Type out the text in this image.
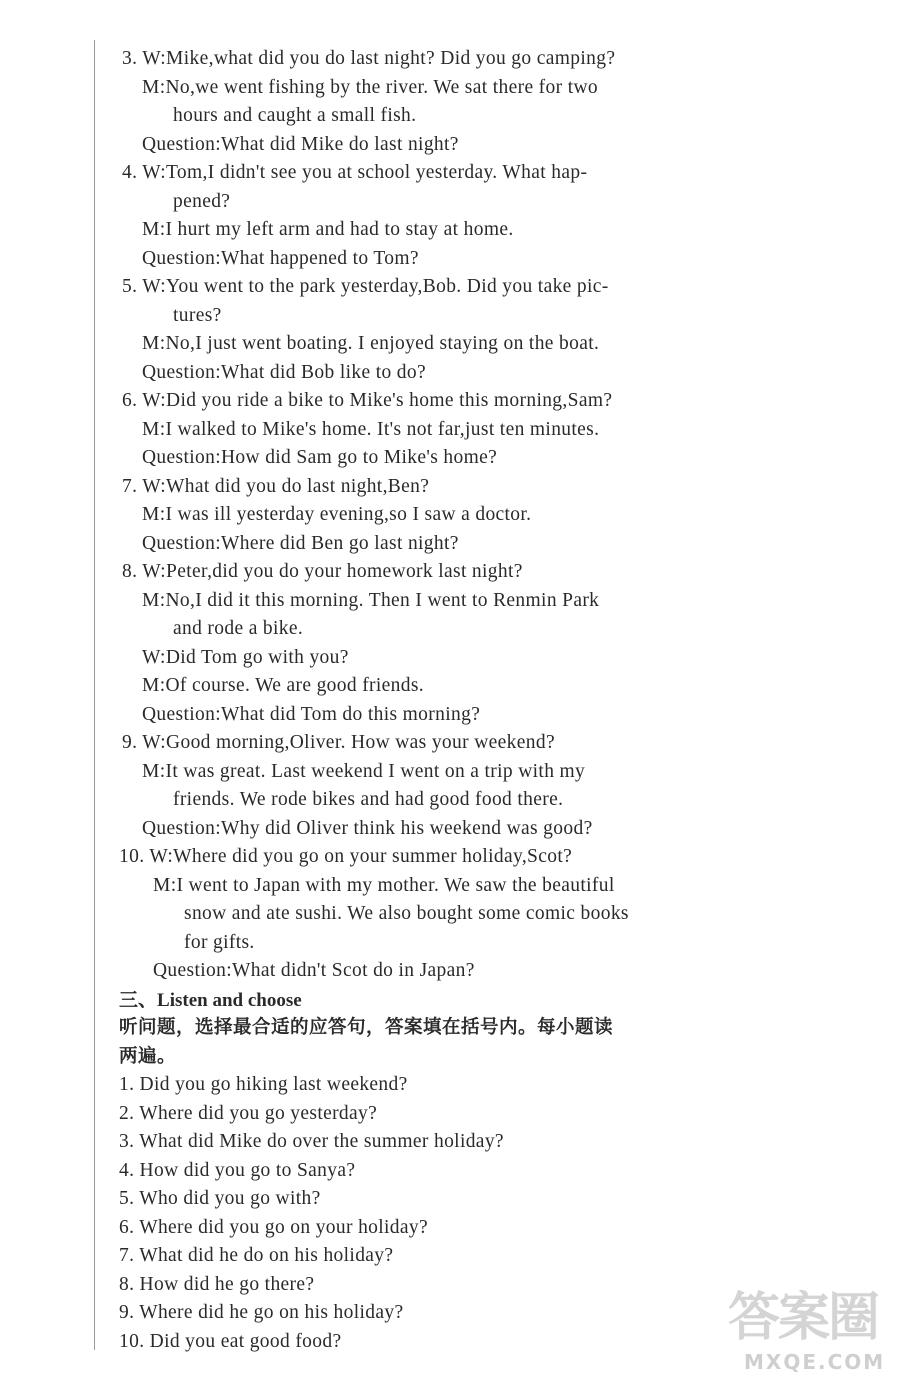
3. W:Mike,what did you do last night? Did you go camping?
M:No,we went fishing by the river. We sat there for two
hours and caught a small fish.
Question:What did Mike do last night?
4. W:Tom,I didn't see you at school yesterday. What hap-
pened?
M:I hurt my left arm and had to stay at home.
Question:What happened to Tom?
5. W:You went to the park yesterday,Bob. Did you take pic-
tures?
M:No,I just went boating. I enjoyed staying on the boat.
Question:What did Bob like to do?
6. W:Did you ride a bike to Mike's home this morning,Sam?
M:I walked to Mike's home. It's not far,just ten minutes.
Question:How did Sam go to Mike's home?
7. W:What did you do last night,Ben?
M:I was ill yesterday evening,so I saw a doctor.
Question:Where did Ben go last night?
8. W:Peter,did you do your homework last night?
M:No,I did it this morning. Then I went to Renmin Park
and rode a bike.
W:Did Tom go with you?
M:Of course. We are good friends.
Question:What did Tom do this morning?
9. W:Good morning,Oliver. How was your weekend?
M:It was great. Last weekend I went on a trip with my
friends. We rode bikes and had good food there.
Question:Why did Oliver think his weekend was good?
10. W:Where did you go on your summer holiday,Scot?
M:I went to Japan with my mother. We saw the beautiful
snow and ate sushi. We also bought some comic books
for gifts.
Question:What didn't Scot do in Japan?
三、Listen and choose
听问题，选择最合适的应答句，答案填在括号内。每小题读
两遍。
1. Did you go hiking last weekend?
2. Where did you go yesterday?
3. What did Mike do over the summer holiday?
4. How did you go to Sanya?
5. Who did you go with?
6. Where did you go on your holiday?
7. What did he do on his holiday?
8. How did he go there?
9. Where did he go on his holiday?
10. Did you eat good food?	答案圈
MXQE.COM
